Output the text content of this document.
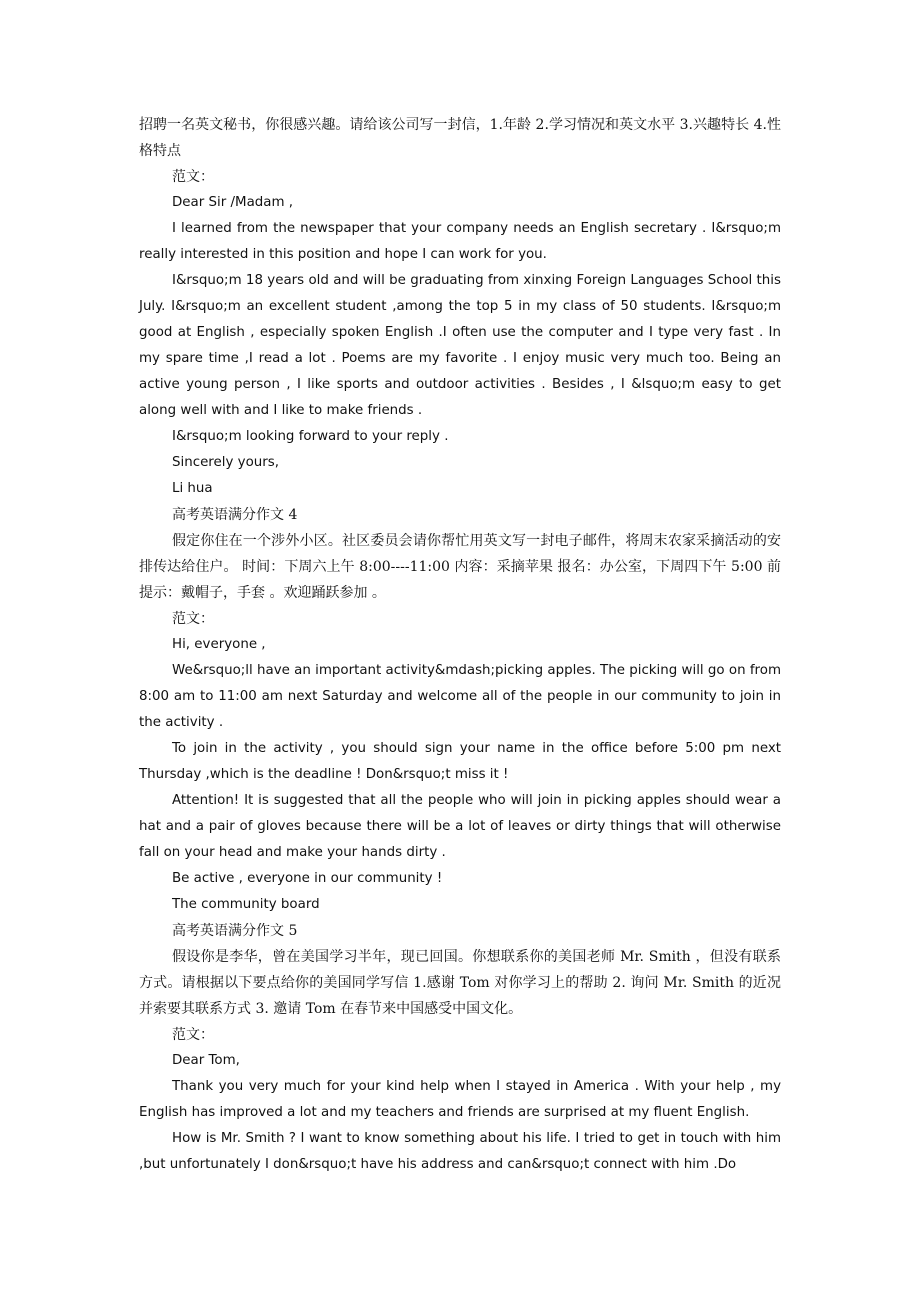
招聘一名英文秘书，你很感兴趣。请给该公司写一封信，1.年龄 2.学习情况和英文水平 3.兴趣特长 4.性格特点

范文：

Dear Sir /Madam ,

I learned from the newspaper that your company needs an English secretary . I&rsquo;m really interested in this position and hope I can work for you.

I&rsquo;m 18 years old and will be graduating from xinxing Foreign Languages School this July. I&rsquo;m an excellent student ,among the top 5 in my class of 50 students. I&rsquo;m good at English , especially spoken English .I often use the computer and I type very fast . In my spare time ,I read a lot . Poems are my favorite . I enjoy music very much too. Being an active young person , I like sports and outdoor activities . Besides , I &lsquo;m easy to get along well with and I like to make friends .

I&rsquo;m looking forward to your reply .

Sincerely yours,

Li hua

高考英语满分作文 4

假定你住在一个涉外小区。社区委员会请你帮忙用英文写一封电子邮件，将周末农家采摘活动的安排传达给住户。 时间：下周六上午 8:00----11:00 内容：采摘苹果 报名：办公室，下周四下午 5:00 前 提示：戴帽子，手套 。欢迎踊跃参加 。

范文：

Hi, everyone ,

We&rsquo;ll have an important activity&mdash;picking apples. The picking will go on from 8:00 am to 11:00 am next Saturday and welcome all of the people in our community to join in the activity .

To join in the activity , you should sign your name in the office before 5:00 pm next Thursday ,which is the deadline ! Don&rsquo;t miss it !

Attention! It is suggested that all the people who will join in picking apples should wear a hat and a pair of gloves because there will be a lot of leaves or dirty things that will otherwise fall on your head and make your hands dirty .

Be active , everyone in our community !

The community board

高考英语满分作文 5

假设你是李华，曾在美国学习半年，现已回国。你想联系你的美国老师 Mr. Smith ，但没有联系方式。请根据以下要点给你的美国同学写信 1.感谢 Tom 对你学习上的帮助 2. 询问 Mr. Smith 的近况并索要其联系方式 3. 邀请 Tom 在春节来中国感受中国文化。

范文：

Dear Tom,

Thank you very much for your kind help when I stayed in America . With your help , my English has improved a lot and my teachers and friends are surprised at my fluent English.

How is Mr. Smith ? I want to know something about his life. I tried to get in touch with him ,but unfortunately I don&rsquo;t have his address and can&rsquo;t connect with him .Do
